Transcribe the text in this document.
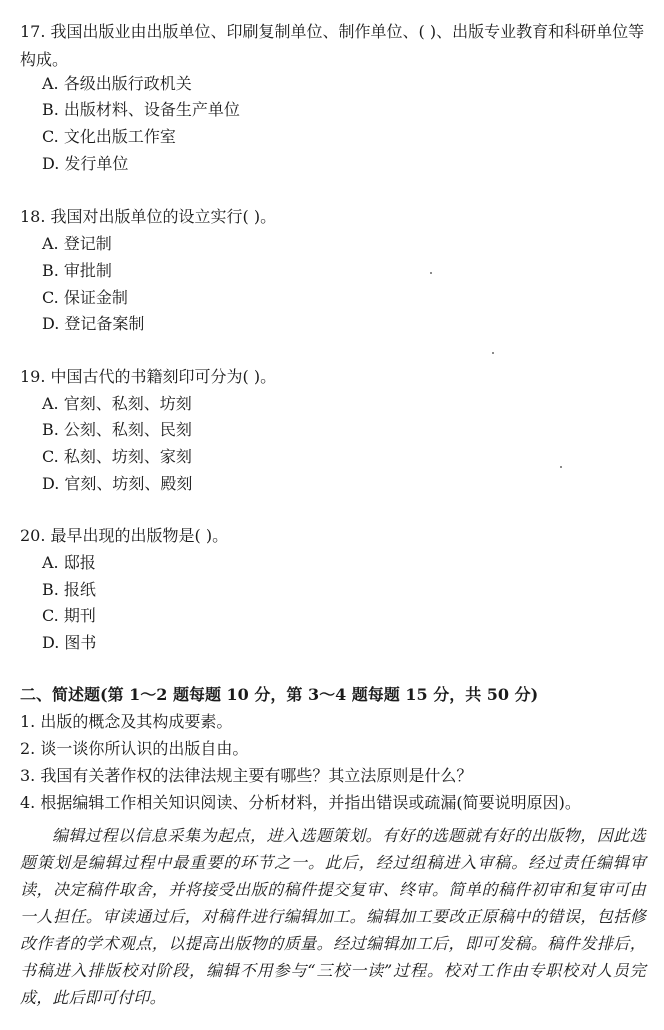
17. 我国出版业由出版单位、印刷复制单位、制作单位、( )、出版专业教育和科研单位等构成。
A. 各级出版行政机关
B. 出版材料、设备生产单位
C. 文化出版工作室
D. 发行单位
18. 我国对出版单位的设立实行( )。
A. 登记制
B. 审批制
C. 保证金制
D. 登记备案制
19. 中国古代的书籍刻印可分为( )。
A. 官刻、私刻、坊刻
B. 公刻、私刻、民刻
C. 私刻、坊刻、家刻
D. 官刻、坊刻、殿刻
20. 最早出现的出版物是( )。
A. 邸报
B. 报纸
C. 期刊
D. 图书
二、简述题(第 1～2 题每题 10 分，第 3～4 题每题 15 分，共 50 分)
1. 出版的概念及其构成要素。
2. 谈一谈你所认识的出版自由。
3. 我国有关著作权的法律法规主要有哪些？其立法原则是什么？
4. 根据编辑工作相关知识阅读、分析材料，并指出错误或疏漏(简要说明原因)。
编辑过程以信息采集为起点，进入选题策划。有好的选题就有好的出版物，因此选题策划是编辑过程中最重要的环节之一。此后，经过组稿进入审稿。经过责任编辑审读，决定稿件取舍，并将接受出版的稿件提交复审、终审。简单的稿件初审和复审可由一人担任。审读通过后，对稿件进行编辑加工。编辑加工要改正原稿中的错误，包括修改作者的学术观点，以提高出版物的质量。经过编辑加工后，即可发稿。稿件发排后，书稿进入排版校对阶段，编辑不用参与“三校一读”过程。校对工作由专职校对人员完成，此后即可付印。
